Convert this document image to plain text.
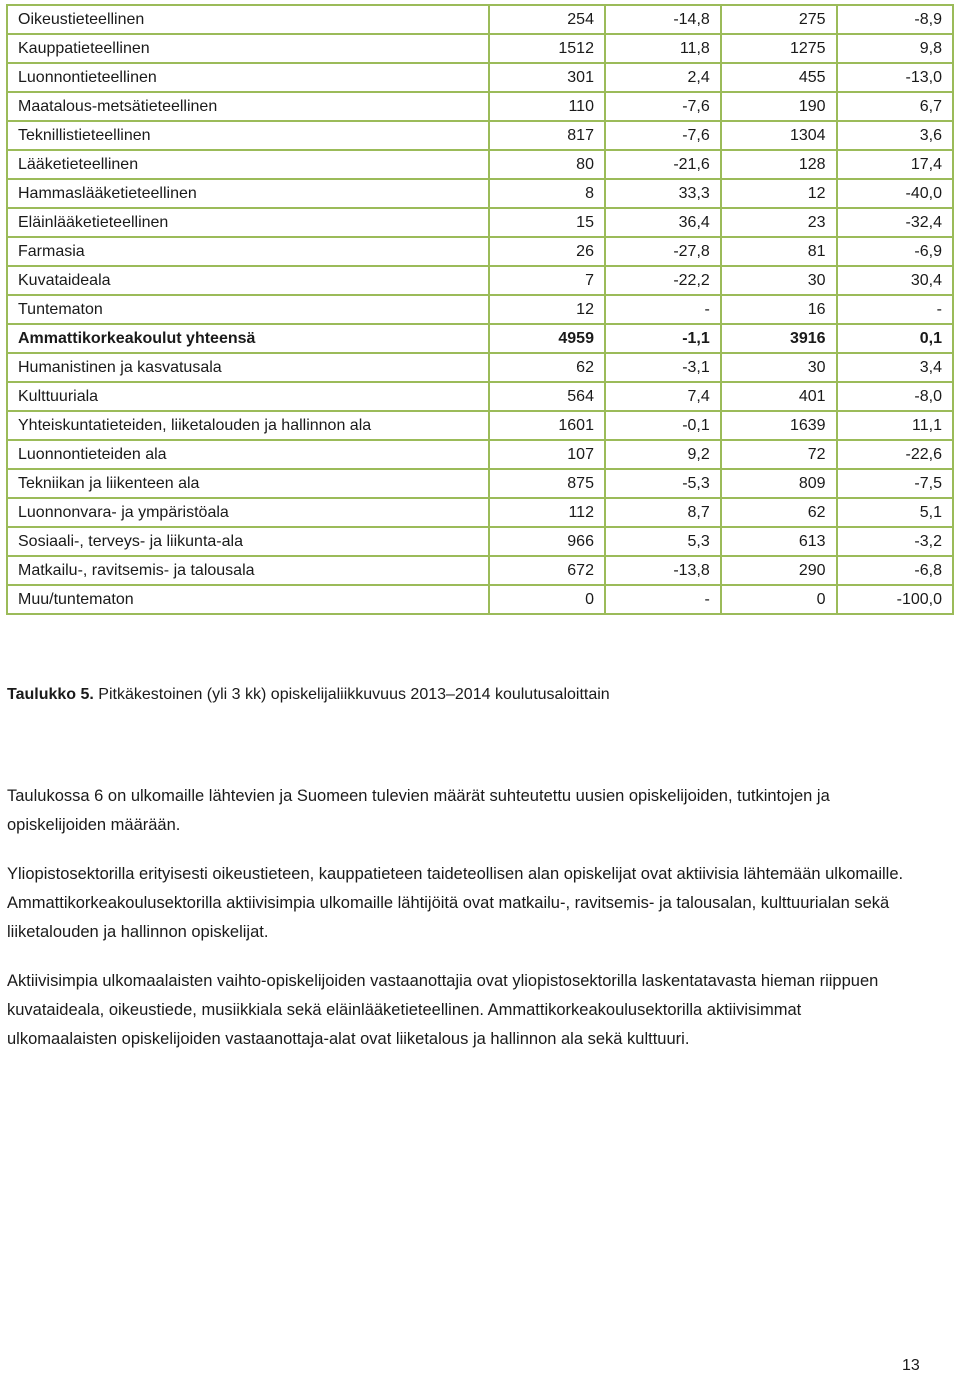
Oikeustieteellinen	254	-14,8	275	-8,9
Kauppatieteellinen	1512	11,8	1275	9,8
Luonnontieteellinen	301	2,4	455	-13,0
Maatalous-metsätieteellinen	110	-7,6	190	6,7
Teknillistieteellinen	817	-7,6	1304	3,6
Lääketieteellinen	80	-21,6	128	17,4
Hammaslääketieteellinen	8	33,3	12	-40,0
Eläinlääketieteellinen	15	36,4	23	-32,4
Farmasia	26	-27,8	81	-6,9
Kuvataideala	7	-22,2	30	30,4
Tuntematon	12	-	16	-
Ammattikorkeakoulut yhteensä	4959	-1,1	3916	0,1
Humanistinen ja kasvatusala	62	-3,1	30	3,4
Kulttuuriala	564	7,4	401	-8,0
Yhteiskuntatieteiden, liiketalouden ja hallinnon ala	1601	-0,1	1639	11,1
Luonnontieteiden ala	107	9,2	72	-22,6
Tekniikan ja liikenteen ala	875	-5,3	809	-7,5
Luonnonvara- ja ympäristöala	112	8,7	62	5,1
Sosiaali-, terveys- ja liikunta-ala	966	5,3	613	-3,2
Matkailu-, ravitsemis- ja talousala	672	-13,8	290	-6,8
Muu/tuntematon	0	-	0	-100,0
Taulukko 5. Pitkäkestoinen (yli 3 kk) opiskelijaliikkuvuus 2013–2014 koulutusaloittain

Taulukossa 6 on ulkomaille lähtevien ja Suomeen tulevien määrät suhteutettu uusien opiskelijoiden, tutkintojen ja opiskelijoiden määrään.

Yliopistosektorilla erityisesti oikeustieteen, kauppatieteen taideteollisen alan opiskelijat ovat aktiivisia lähtemään ulkomaille. Ammattikorkeakoulusektorilla aktiivisimpia ulkomaille lähtijöitä ovat matkailu-, ravitsemis- ja talousalan, kulttuurialan sekä liiketalouden ja hallinnon opiskelijat.

Aktiivisimpia ulkomaalaisten vaihto-opiskelijoiden vastaanottajia ovat yliopistosektorilla laskentatavasta hieman riippuen kuvataideala, oikeustiede, musiikkiala sekä eläinlääketieteellinen. Ammattikorkeakoulusektorilla aktiivisimmat ulkomaalaisten opiskelijoiden vastaanottaja-alat ovat liiketalous ja hallinnon ala sekä kulttuuri.

13
